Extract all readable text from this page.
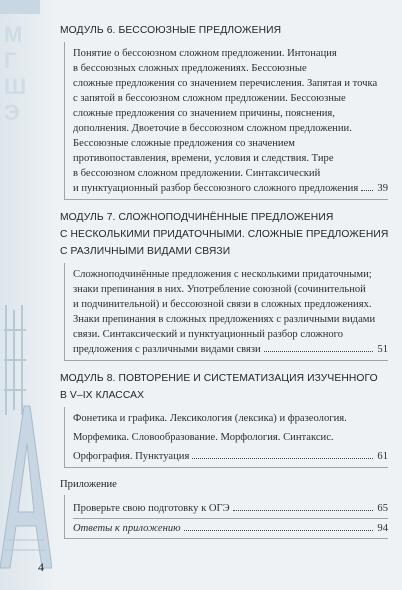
М
Г
Ш
Э
4
МОДУЛЬ 6. БЕССОЮЗНЫЕ ПРЕДЛОЖЕНИЯ
Понятие о бессоюзном сложном предложении. Интонация
в бессоюзных сложных предложениях. Бессоюзные
сложные предложения со значением перечисления. Запятая и точка
с запятой в бессоюзном сложном предложении. Бессоюзные
сложные предложения со значением причины, пояснения,
дополнения. Двоеточие в бессоюзном сложном предложении.
Бессоюзные сложные предложения со значением
противопоставления, времени, условия и следствия. Тире
в бессоюзном сложном предложении. Синтаксический
и пунктуационный разбор бессоюзного сложного предложения 39
МОДУЛЬ 7. СЛОЖНОПОДЧИНЁННЫЕ ПРЕДЛОЖЕНИЯ
С НЕСКОЛЬКИМИ ПРИДАТОЧНЫМИ. СЛОЖНЫЕ ПРЕДЛОЖЕНИЯ
С РАЗЛИЧНЫМИ ВИДАМИ СВЯЗИ
Сложноподчинённые предложения с несколькими придаточными;
знаки препинания в них. Употребление союзной (сочинительной
и подчинительной) и бессоюзной связи в сложных предложениях.
Знаки препинания в сложных предложениях с различными видами
связи. Синтаксический и пунктуационный разбор сложного
предложения с различными видами связи	51
МОДУЛЬ 8. ПОВТОРЕНИЕ И СИСТЕМАТИЗАЦИЯ ИЗУЧЕННОГО
В V–IX КЛАССАХ
Фонетика и графика. Лексикология (лексика) и фразеология.
Морфемика. Словообразование. Морфология. Синтаксис.
Орфография. Пунктуация	61
Приложение
Проверьте свою подготовку к ОГЭ	65
Ответы к приложению	94
